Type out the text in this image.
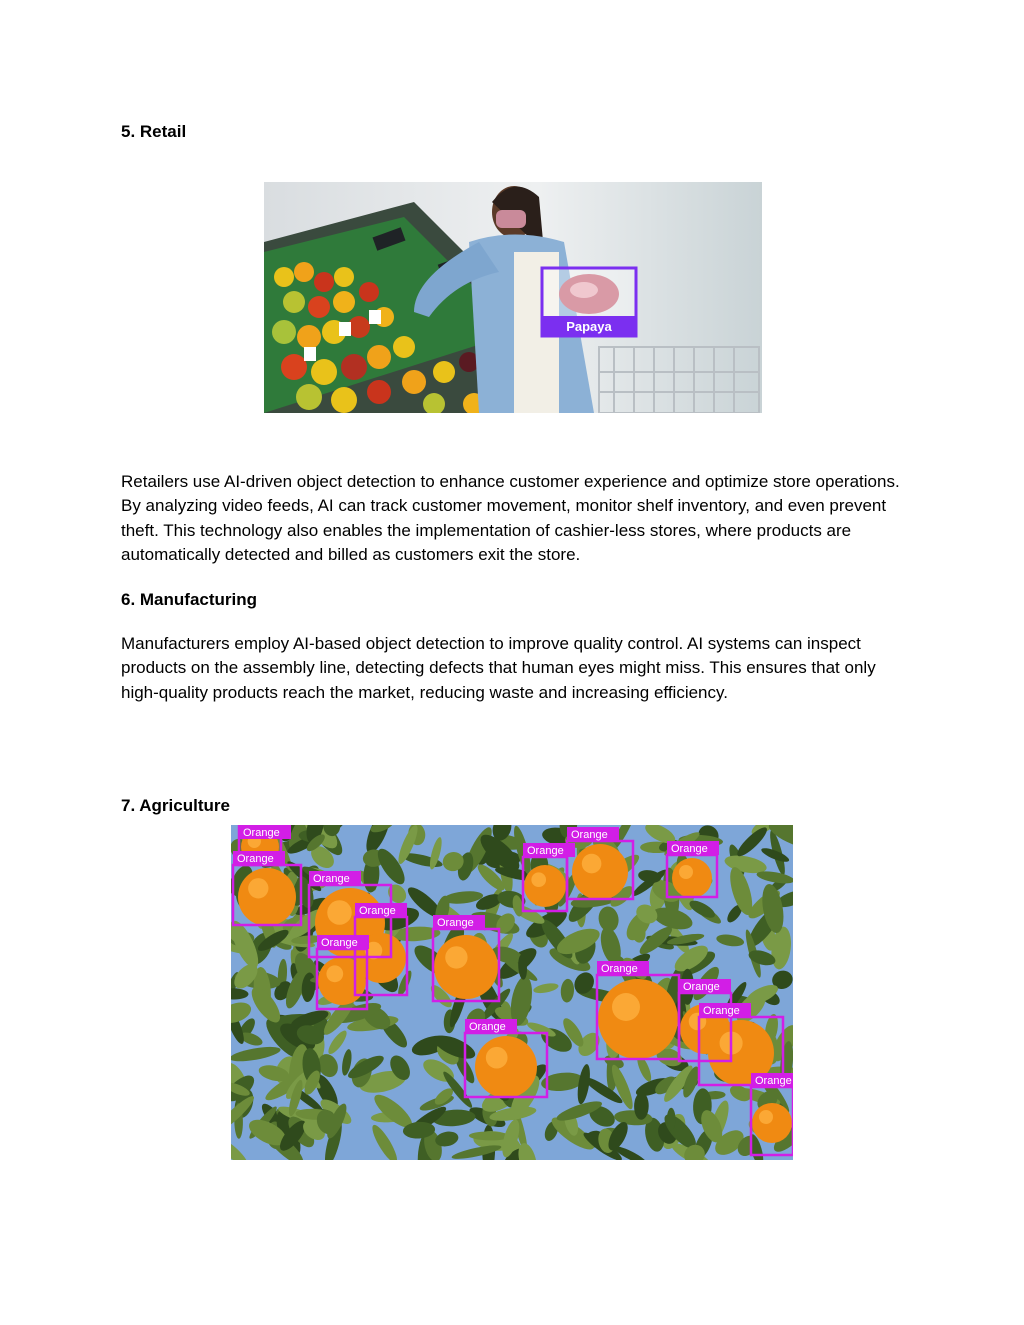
5. Retail
Papaya

Retailers use AI-driven object detection to enhance customer experience and optimize store operations. By analyzing video feeds, AI can track customer movement, monitor shelf inventory, and even prevent theft. This technology also enables the implementation of cashier-less stores, where products are automatically detected and billed as customers exit the store.

6. Manufacturing

Manufacturers employ AI-based object detection to improve quality control. AI systems can inspect products on the assembly line, detecting defects that human eyes might miss. This ensures that only high-quality products reach the market, reducing waste and increasing efficiency.

7. Agriculture
Orange
Orange
Orange
Orange
Orange
Orange
Orange
Orange
Orange
Orange
Orange
Orange
Orange
Orange
